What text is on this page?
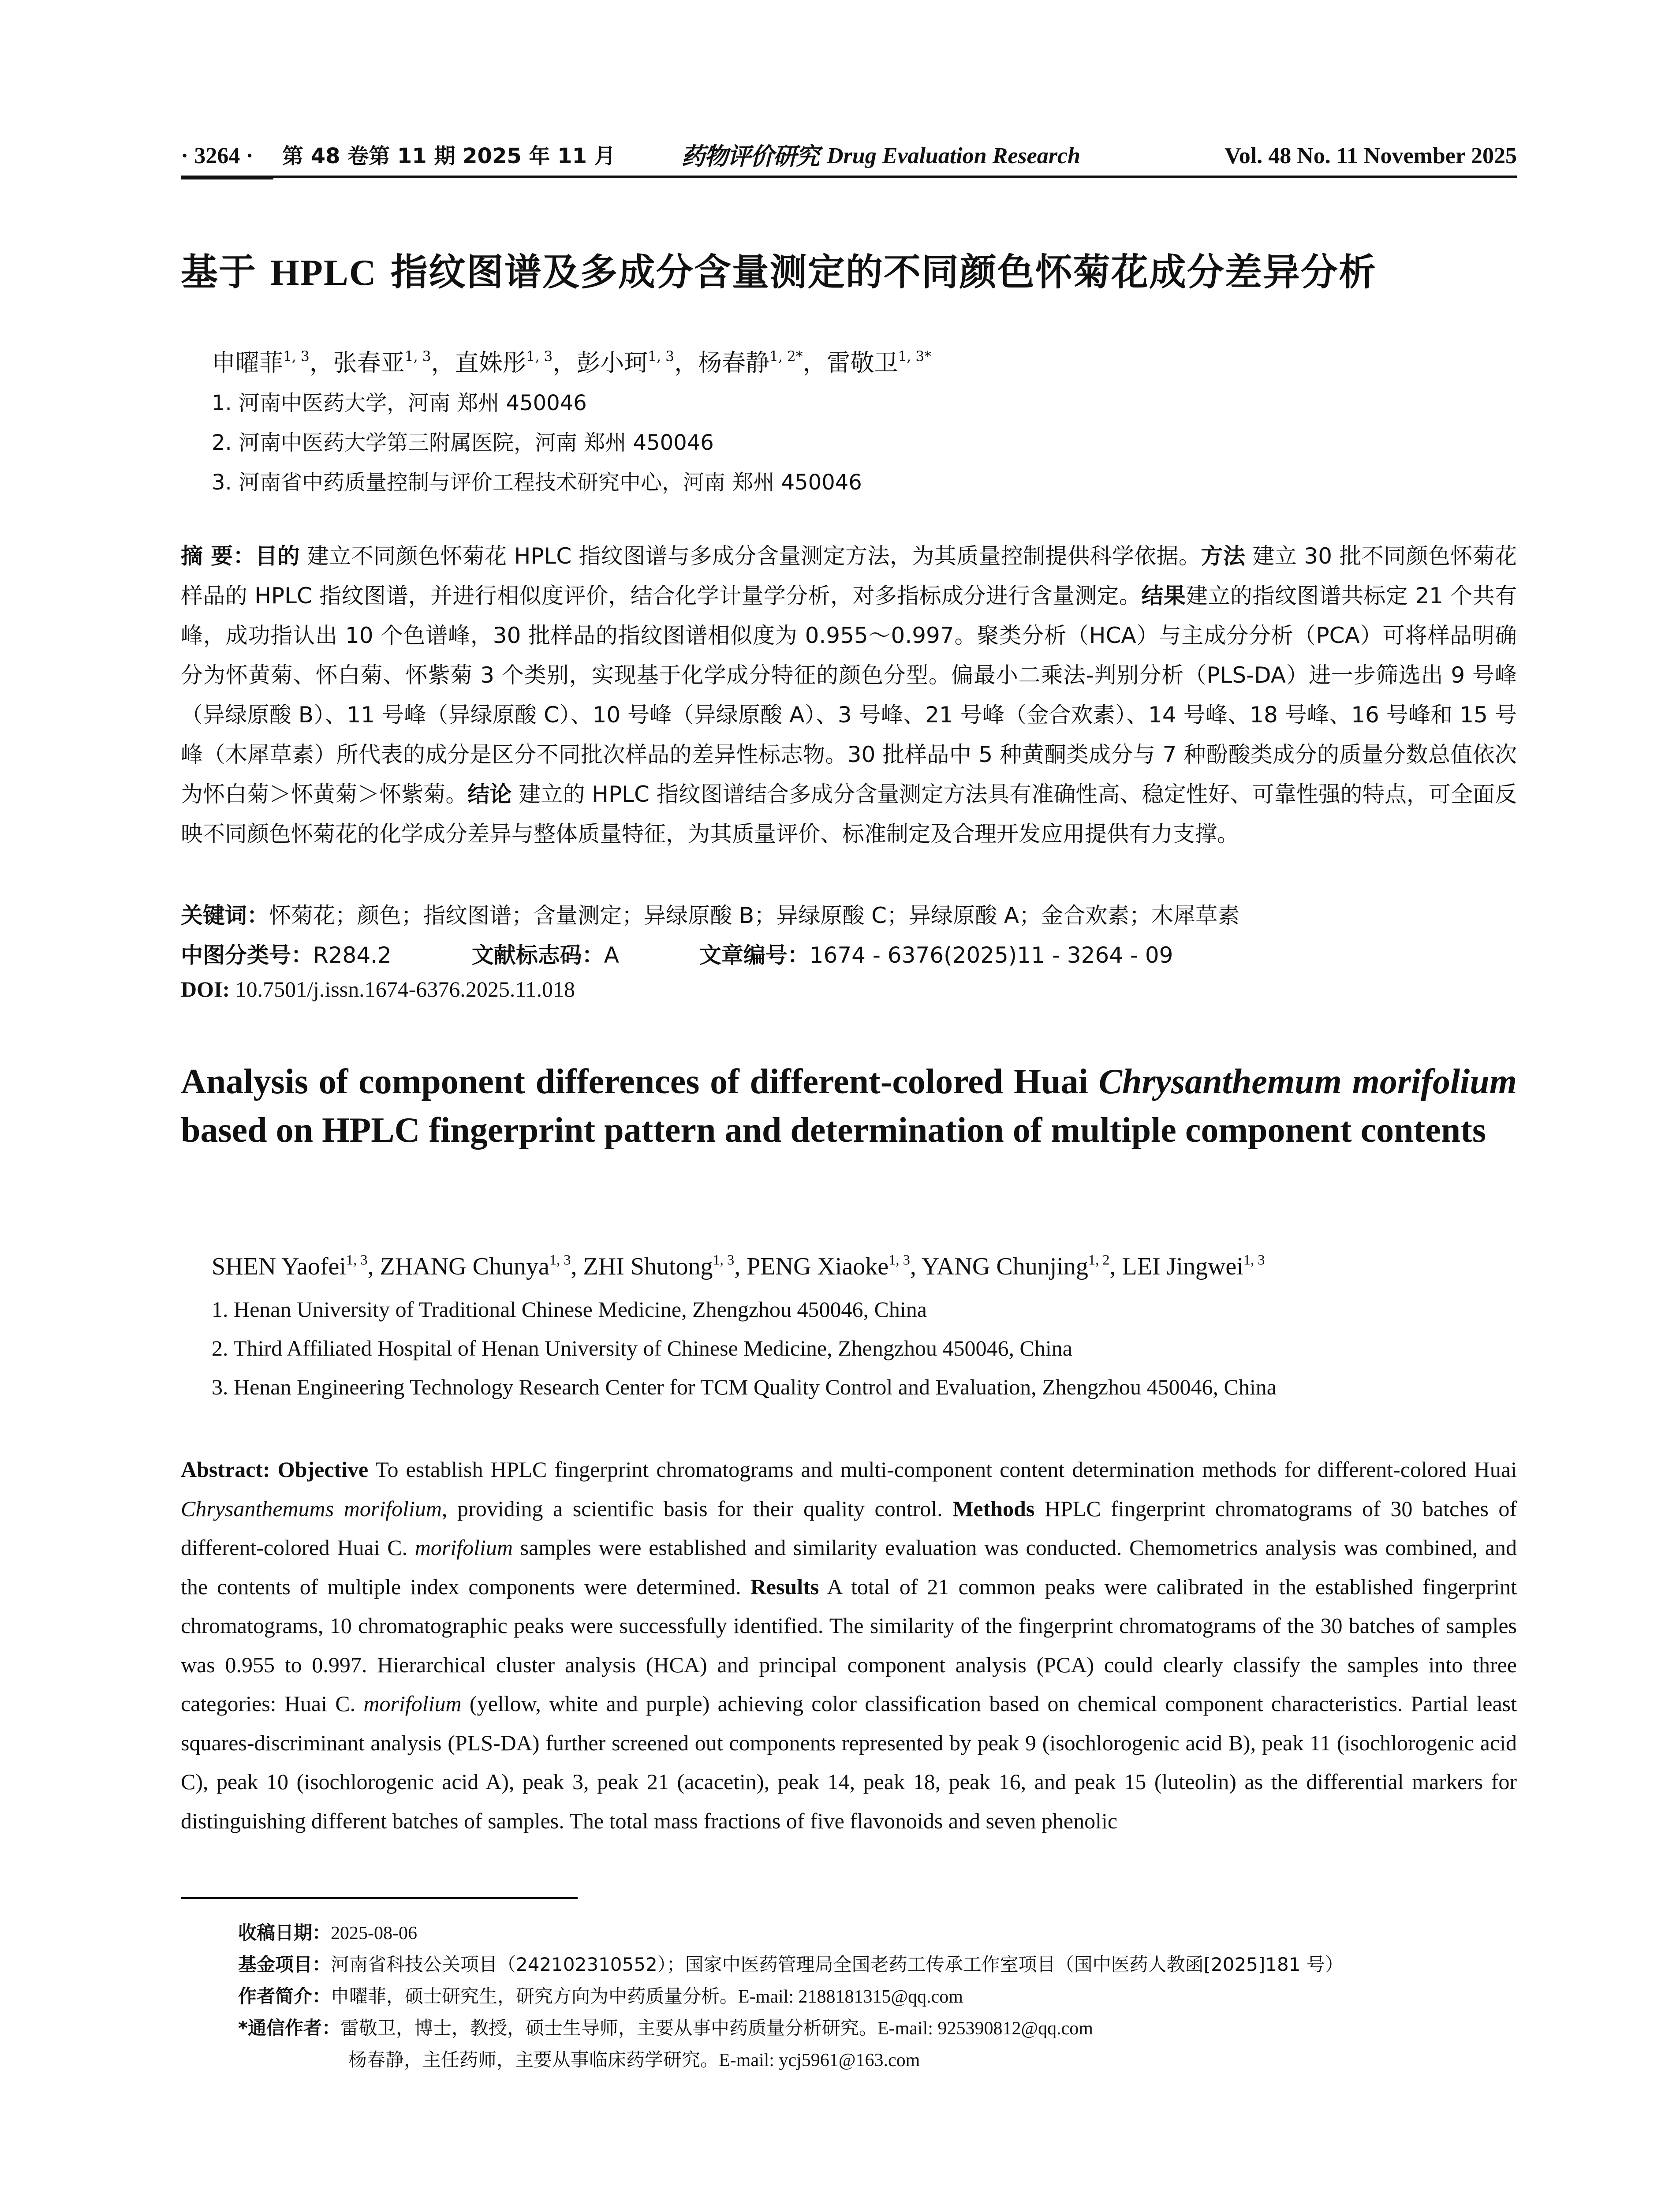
· 3264 · 第 48 卷第 11 期 2025 年 11 月	药物评价研究 Drug Evaluation Research	Vol. 48 No. 11 November 2025
基于 HPLC 指纹图谱及多成分含量测定的不同颜色怀菊花成分差异分析
申曜菲$^{1, 3}$，张春亚$^{1, 3}$，直姝彤$^{1, 3}$，彭小珂$^{1, 3}$，杨春静$^{1, 2*}$，雷敬卫$^{1, 3*}$
1. 河南中医药大学，河南 郑州 450046
2. 河南中医药大学第三附属医院，河南 郑州 450046
3. 河南省中药质量控制与评价工程技术研究中心，河南 郑州 450046
摘 要：目的 建立不同颜色怀菊花 HPLC 指纹图谱与多成分含量测定方法，为其质量控制提供科学依据。方法 建立 30 批不同颜色怀菊花样品的 HPLC 指纹图谱，并进行相似度评价，结合化学计量学分析，对多指标成分进行含量测定。结果建立的指纹图谱共标定 21 个共有峰，成功指认出 10 个色谱峰，30 批样品的指纹图谱相似度为 0.955～0.997。聚类分析（HCA）与主成分分析（PCA）可将样品明确分为怀黄菊、怀白菊、怀紫菊 3 个类别，实现基于化学成分特征的颜色分型。偏最小二乘法-判别分析（PLS-DA）进一步筛选出 9 号峰（异绿原酸 B）、11 号峰（异绿原酸 C）、10 号峰（异绿原酸 A）、3 号峰、21 号峰（金合欢素）、14 号峰、18 号峰、16 号峰和 15 号峰（木犀草素）所代表的成分是区分不同批次样品的差异性标志物。30 批样品中 5 种黄酮类成分与 7 种酚酸类成分的质量分数总值依次为怀白菊＞怀黄菊＞怀紫菊。结论 建立的 HPLC 指纹图谱结合多成分含量测定方法具有准确性高、稳定性好、可靠性强的特点，可全面反映不同颜色怀菊花的化学成分差异与整体质量特征，为其质量评价、标准制定及合理开发应用提供有力支撑。
关键词：怀菊花；颜色；指纹图谱；含量测定；异绿原酸 B；异绿原酸 C；异绿原酸 A；金合欢素；木犀草素
中图分类号：R284.2	文献标志码：A	文章编号：1674 - 6376(2025)11 - 3264 - 09
DOI: 10.7501/j.issn.1674-6376.2025.11.018
Analysis of component differences of different-colored Huai Chrysanthemum morifolium based on HPLC fingerprint pattern and determination of multiple component contents
SHEN Yaofei$^{1, 3}$, ZHANG Chunya$^{1, 3}$, ZHI Shutong$^{1, 3}$, PENG Xiaoke$^{1, 3}$, YANG Chunjing$^{1, 2}$, LEI Jingwei$^{1, 3}$
1. Henan University of Traditional Chinese Medicine, Zhengzhou 450046, China
2. Third Affiliated Hospital of Henan University of Chinese Medicine, Zhengzhou 450046, China
3. Henan Engineering Technology Research Center for TCM Quality Control and Evaluation, Zhengzhou 450046, China
Abstract: Objective To establish HPLC fingerprint chromatograms and multi-component content determination methods for different-colored Huai Chrysanthemums morifolium, providing a scientific basis for their quality control. Methods HPLC fingerprint chromatograms of 30 batches of different-colored Huai C. morifolium samples were established and similarity evaluation was conducted. Chemometrics analysis was combined, and the contents of multiple index components were determined. Results A total of 21 common peaks were calibrated in the established fingerprint chromatograms, 10 chromatographic peaks were successfully identified. The similarity of the fingerprint chromatograms of the 30 batches of samples was 0.955 to 0.997. Hierarchical cluster analysis (HCA) and principal component analysis (PCA) could clearly classify the samples into three categories: Huai C. morifolium (yellow, white and purple) achieving color classification based on chemical component characteristics. Partial least squares-discriminant analysis (PLS-DA) further screened out components represented by peak 9 (isochlorogenic acid B), peak 11 (isochlorogenic acid C), peak 10 (isochlorogenic acid A), peak 3, peak 21 (acacetin), peak 14, peak 18, peak 16, and peak 15 (luteolin) as the differential markers for distinguishing different batches of samples. The total mass fractions of five flavonoids and seven phenolic
收稿日期：2025-08-06
基金项目：河南省科技公关项目（242102310552）；国家中医药管理局全国老药工传承工作室项目（国中医药人教函[2025]181 号）
作者简介：申曜菲，硕士研究生，研究方向为中药质量分析。E-mail: 2188181315@qq.com
*通信作者：雷敬卫，博士，教授，硕士生导师，主要从事中药质量分析研究。E-mail: 925390812@qq.com
杨春静，主任药师，主要从事临床药学研究。E-mail: ycj5961@163.com
